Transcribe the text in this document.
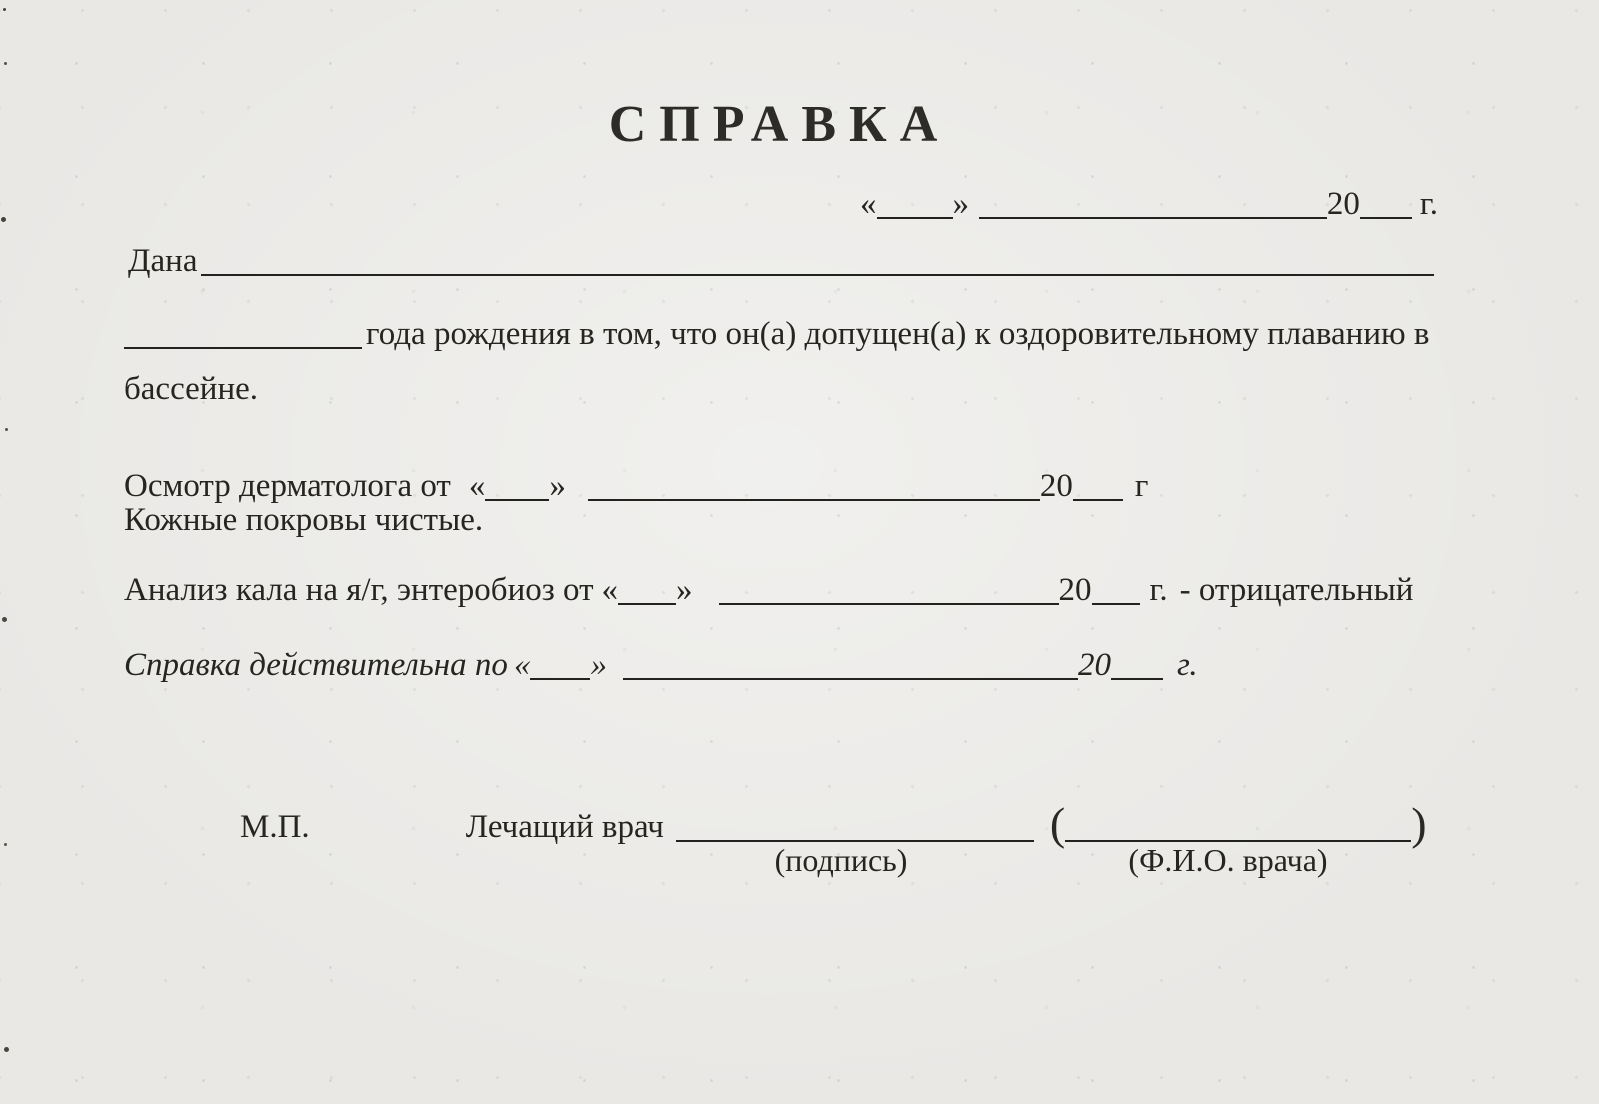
СПРАВКА
« »	20 г.
Дана
года рождения в том, что он(а) допущен(а) к оздоровительному плаванию в
бассейне.
Осмотр дерматолога от « »	20 г
Кожные покровы чистые.
Анализ кала на я/г, энтеробиоз от « »	20 г. - отрицательный
Справка действительна по « »	20 г.
М.П.	Лечащий врач	(	)
(подпись)	(Ф.И.О. врача)
